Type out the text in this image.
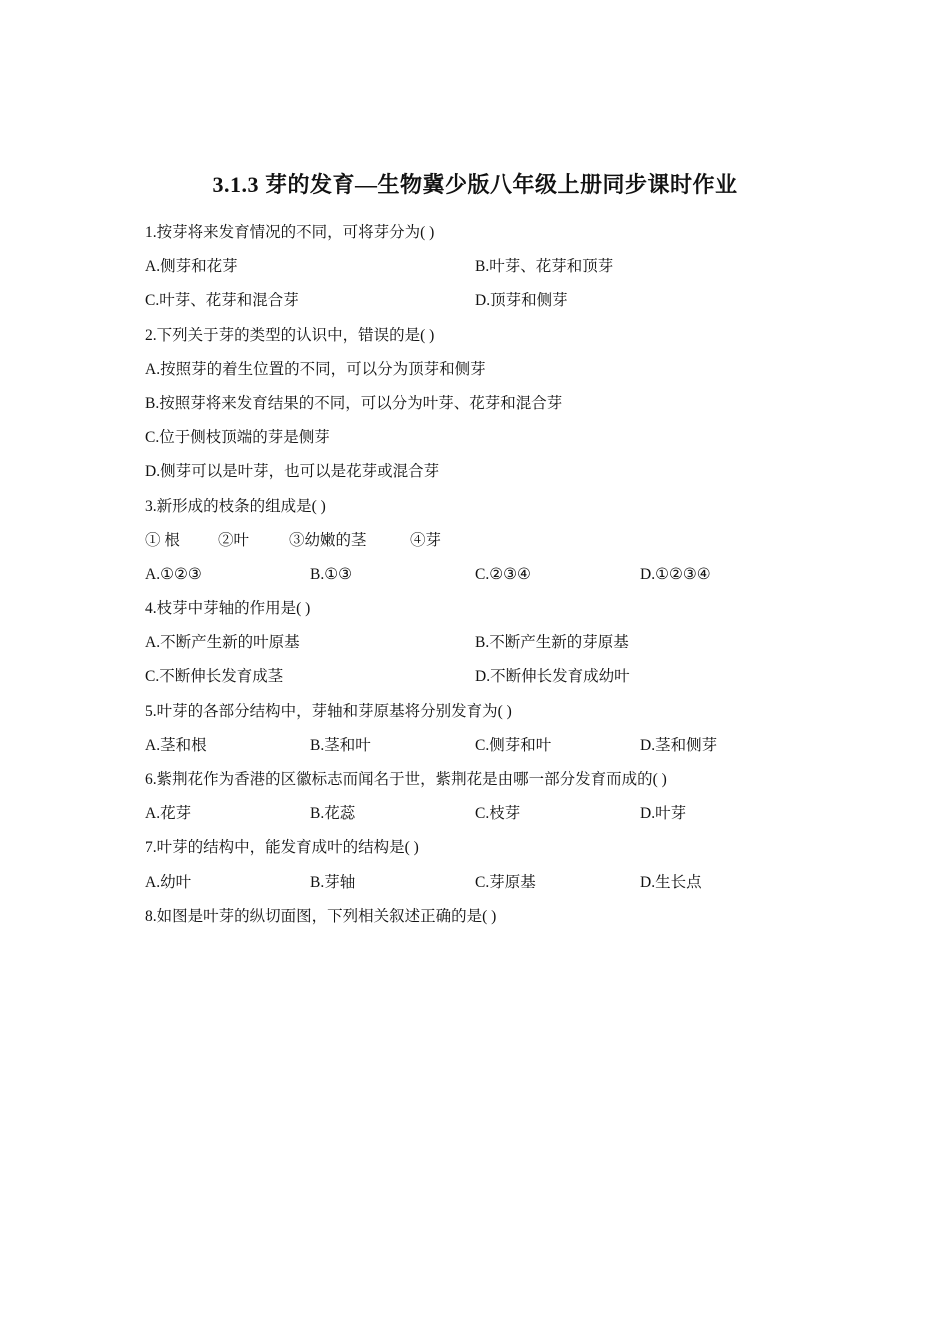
3.1.3 芽的发育—生物冀少版八年级上册同步课时作业
1.按芽将来发育情况的不同，可将芽分为( )
A.侧芽和花芽	B.叶芽、花芽和顶芽
C.叶芽、花芽和混合芽	D.顶芽和侧芽
2.下列关于芽的类型的认识中，错误的是( )
A.按照芽的着生位置的不同，可以分为顶芽和侧芽
B.按照芽将来发育结果的不同，可以分为叶芽、花芽和混合芽
C.位于侧枝顶端的芽是侧芽
D.侧芽可以是叶芽，也可以是花芽或混合芽
3.新形成的枝条的组成是( )
① 根 ②叶	③幼嫩的茎	④芽
A.①②③	B.①③	C.②③④	D.①②③④
4.枝芽中芽轴的作用是( )
A.不断产生新的叶原基	B.不断产生新的芽原基
C.不断伸长发育成茎	D.不断伸长发育成幼叶
5.叶芽的各部分结构中，芽轴和芽原基将分别发育为( )
A.茎和根	B.茎和叶	C.侧芽和叶	D.茎和侧芽
6.紫荆花作为香港的区徽标志而闻名于世，紫荆花是由哪一部分发育而成的( )
A.花芽	B.花蕊	C.枝芽	D.叶芽
7.叶芽的结构中，能发育成叶的结构是( )
A.幼叶	B.芽轴	C.芽原基	D.生长点
8.如图是叶芽的纵切面图，下列相关叙述正确的是( )
